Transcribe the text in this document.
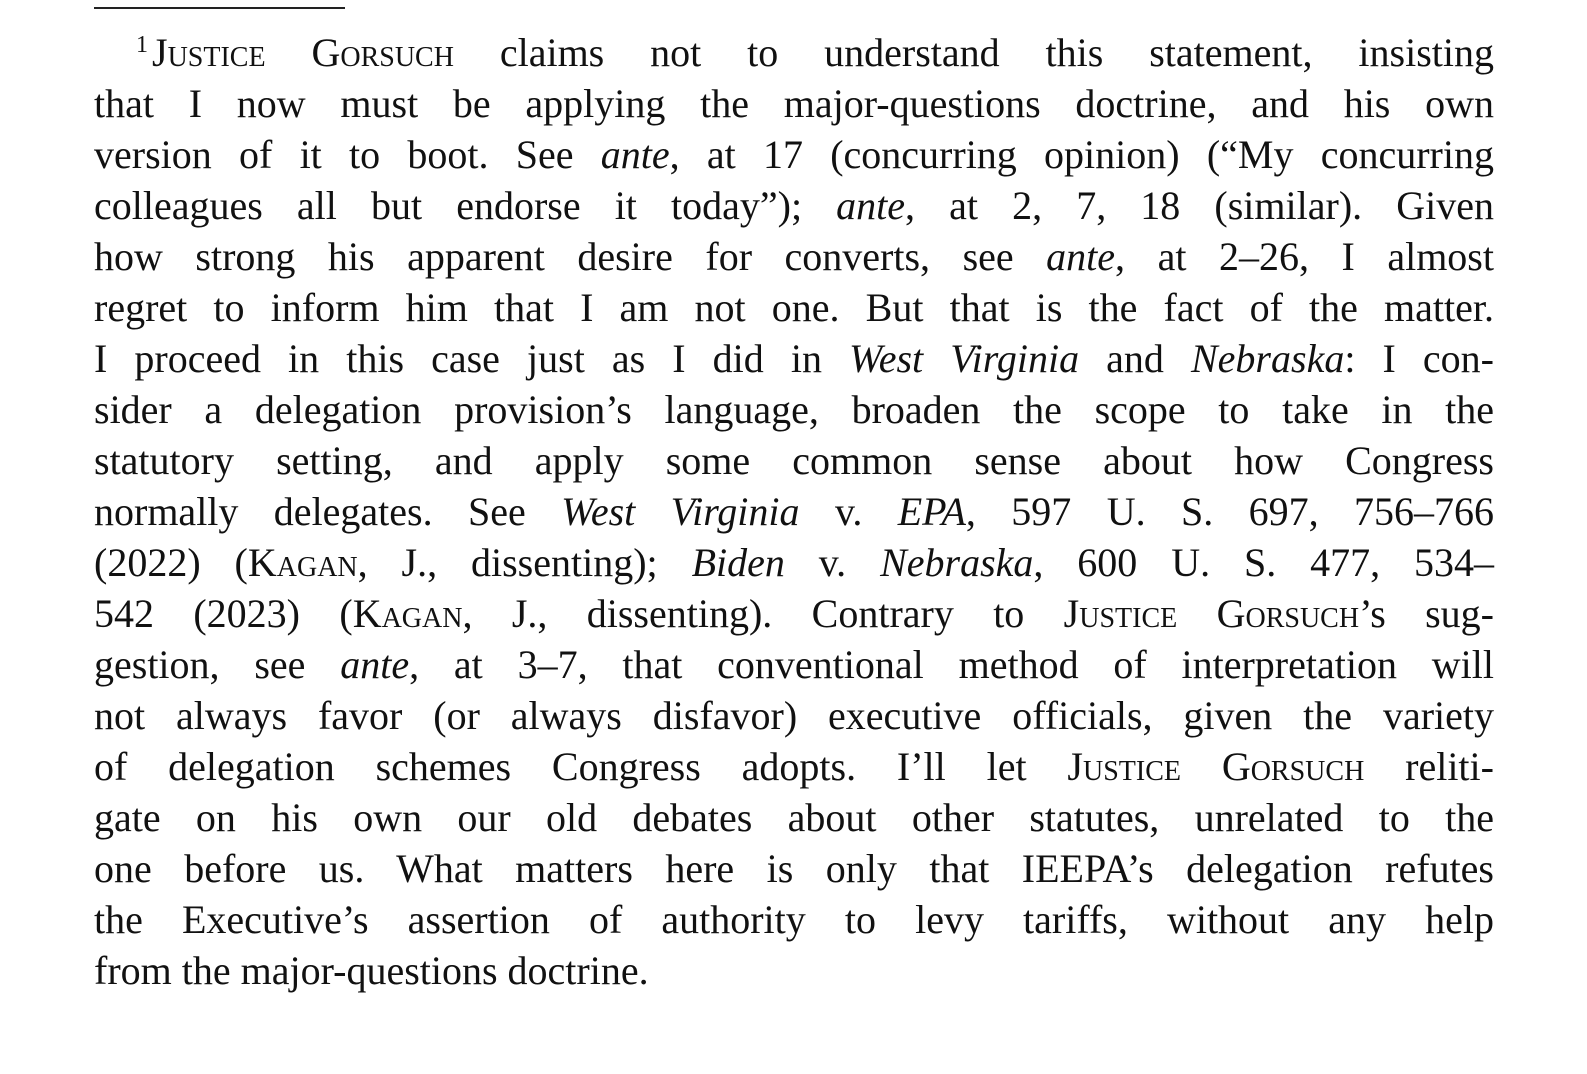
$^1$ Justice Gorsuch claims not to understand this statement, insisting
that I now must be applying the major-questions doctrine, and his own
version of it to boot. See ante, at 17 (concurring opinion) (“My concurring
colleagues all but endorse it today”); ante, at 2, 7, 18 (similar). Given
how strong his apparent desire for converts, see ante, at 2–26, I almost
regret to inform him that I am not one. But that is the fact of the matter.
I proceed in this case just as I did in West Virginia and Nebraska: I con-
sider a delegation provision’s language, broaden the scope to take in the
statutory setting, and apply some common sense about how Congress
normally delegates. See West Virginia v. EPA, 597 U. S. 697, 756–766
(2022) (Kagan, J., dissenting); Biden v. Nebraska, 600 U. S. 477, 534–
542 (2023) (Kagan, J., dissenting). Contrary to Justice Gorsuch’s sug-
gestion, see ante, at 3–7, that conventional method of interpretation will
not always favor (or always disfavor) executive officials, given the variety
of delegation schemes Congress adopts. I’ll let Justice Gorsuch reliti-
gate on his own our old debates about other statutes, unrelated to the
one before us. What matters here is only that IEEPA’s delegation refutes
the Executive’s assertion of authority to levy tariffs, without any help
from the major-questions doctrine.
